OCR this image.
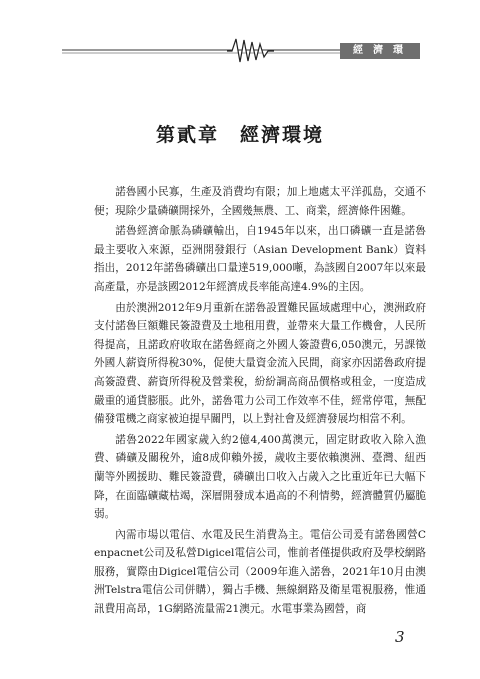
經濟環境
第貳章　經濟環境

諾魯國小民寡，生產及消費均有限；加上地處太平洋孤島，交通不便；現除少量磷礦開採外，全國幾無農、工、商業，經濟條件困難。

諾魯經濟命脈為磷礦輸出，自1945年以來，出口磷礦一直是諾魯最主要收入來源，亞洲開發銀行（Asian Development Bank）資料指出，2012年諾魯磷礦出口量達519,000噸，為該國自2007年以來最高產量，亦是該國2012年經濟成長率能高達4.9%的主因。

由於澳洲2012年9月重新在諾魯設置難民區域處理中心，澳洲政府支付諾魯巨額難民簽證費及土地租用費，並帶來大量工作機會，人民所得提高，且諾政府收取在諾魯經商之外國人簽證費6,050澳元，另課徵外國人薪資所得稅30%，促使大量資金流入民間，商家亦因諾魯政府提高簽證費、薪資所得稅及營業稅，紛紛調高商品價格或租金，一度造成嚴重的通貨膨脹。此外，諾魯電力公司工作效率不佳，經常停電，無配備發電機之商家被迫提早關門，以上對社會及經濟發展均相當不利。

諾魯2022年國家歲入約2億4,400萬澳元，固定財政收入除入漁費、磷礦及關稅外，逾8成仰賴外援，歲收主要依賴澳洲、臺灣、紐西蘭等外國援助、難民簽證費，磷礦出口收入占歲入之比重近年已大幅下降，在面臨礦藏枯竭，深層開發成本過高的不利情勢，經濟體質仍屬脆弱。

內需市場以電信、水電及民生消費為主。電信公司爰有諾魯國營Cenpacnet公司及私營Digicel電信公司，惟前者僅提供政府及學校網路服務，實際由Digicel電信公司（2009年進入諾魯，2021年10月由澳洲Telstra電信公司併購），獨占手機、無線網路及衛星電視服務，惟通訊費用高昂，1G網路流量需21澳元。水電事業為國營，商

3
